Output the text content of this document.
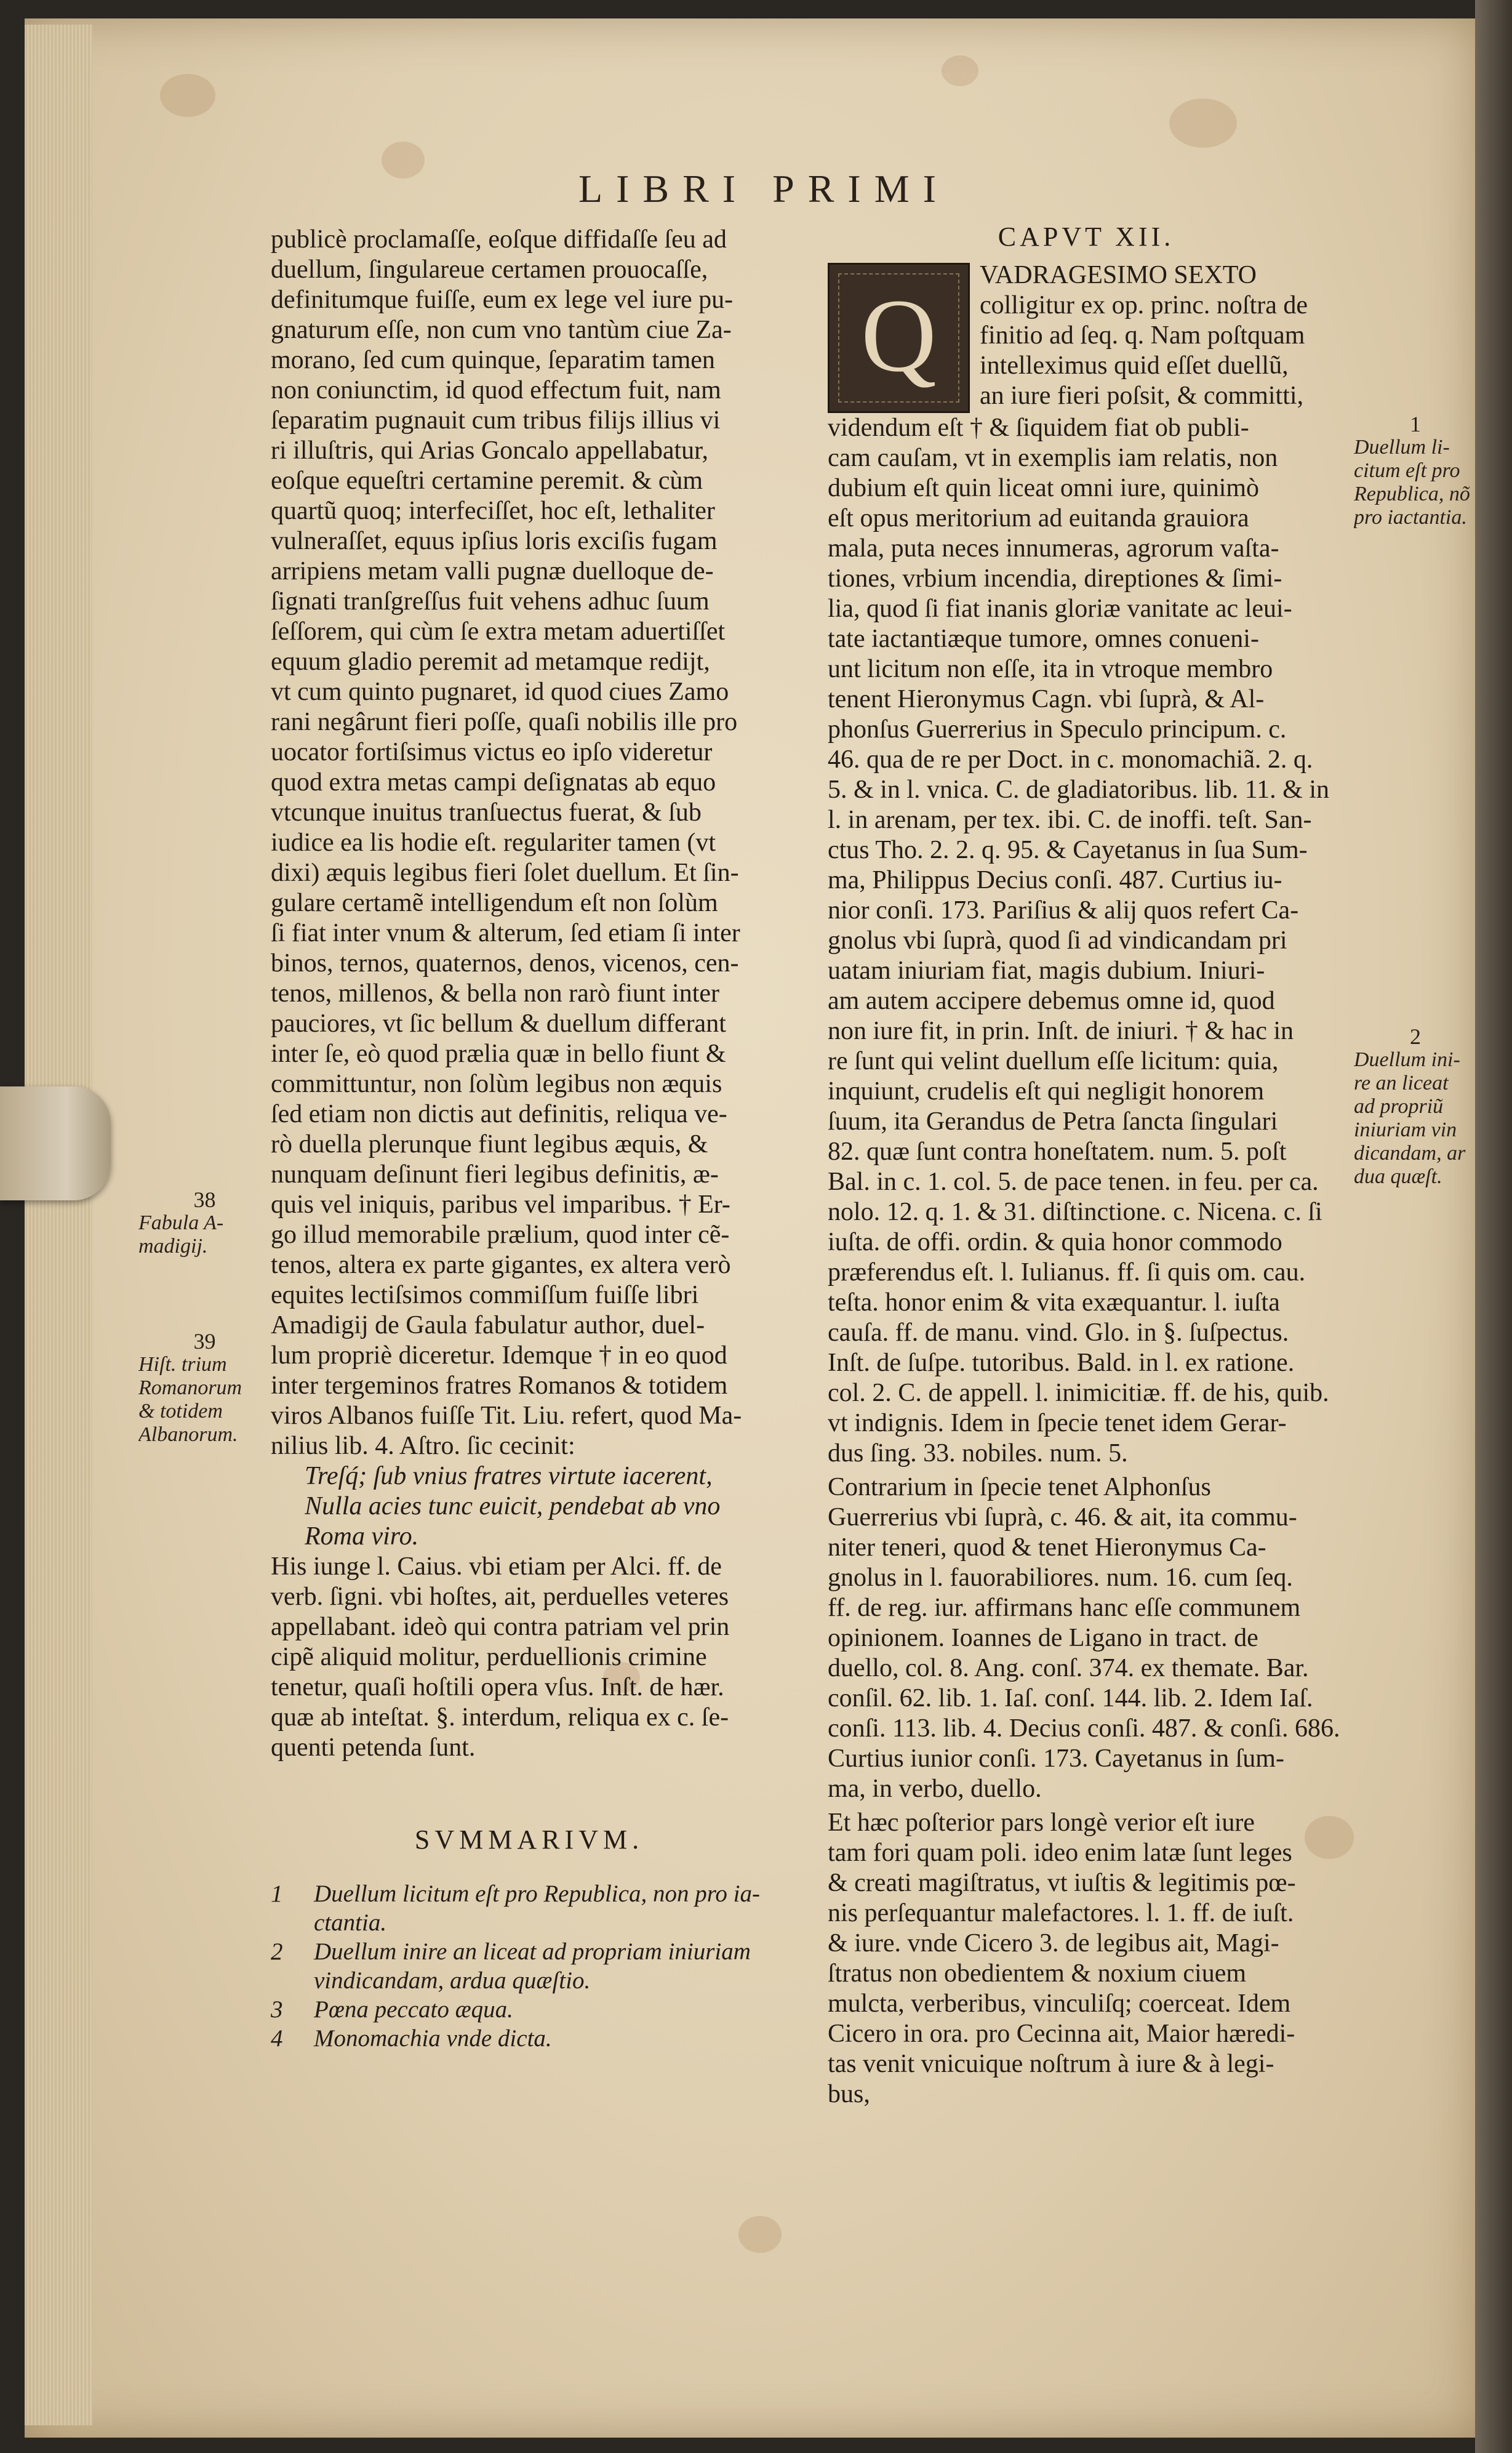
LIBRI PRIMI
publicè proclamaſſe, eoſque diffidaſſe ſeu ad
duellum, ſingulareue certamen prouocaſſe,
definitumque fuiſſe, eum ex lege vel iure pu-
gnaturum eſſe, non cum vno tantùm ciue Za-
morano, ſed cum quinque, ſeparatim tamen
non coniunctim, id quod effectum fuit, nam
ſeparatim pugnauit cum tribus filijs illius vi
ri illuſtris, qui Arias Goncalo appellabatur,
eoſque equeſtri certamine peremit. & cùm
quartũ quoq; interfeciſſet, hoc eſt, lethaliter
vulneraſſet, equus ipſius loris exciſis fugam
arripiens metam valli pugnæ duelloque de-
ſignati tranſgreſſus fuit vehens adhuc ſuum
ſeſſorem, qui cùm ſe extra metam aduertiſſet
equum gladio peremit ad metamque redijt,
vt cum quinto pugnaret, id quod ciues Zamo
rani negârunt fieri poſſe, quaſi nobilis ille pro
uocator fortiſsimus victus eo ipſo videretur
quod extra metas campi deſignatas ab equo
vtcunque inuitus tranſuectus fuerat, & ſub
iudice ea lis hodie eſt. regulariter tamen (vt
dixi) æquis legibus fieri ſolet duellum. Et ſin-
gulare certamẽ intelligendum eſt non ſolùm
ſi fiat inter vnum & alterum, ſed etiam ſi inter
binos, ternos, quaternos, denos, vicenos, cen-
tenos, millenos, & bella non rarò fiunt inter
pauciores, vt ſic bellum & duellum differant
inter ſe, eò quod prælia quæ in bello fiunt &
committuntur, non ſolùm legibus non æquis
ſed etiam non dictis aut definitis, reliqua ve-
rò duella plerunque fiunt legibus æquis, &
nunquam deſinunt fieri legibus definitis, æ-
quis vel iniquis, paribus vel imparibus. † Er-
go illud memorabile prælium, quod inter cẽ-
tenos, altera ex parte gigantes, ex altera verò
equites lectiſsimos commiſſum fuiſſe libri
Amadigij de Gaula fabulatur author, duel-
lum propriè diceretur. Idemque † in eo quod
inter tergeminos fratres Romanos & totidem
viros Albanos fuiſſe Tit. Liu. refert, quod Ma-
nilius lib. 4. Aſtro. ſic cecinit:
Treſq́; ſub vnius fratres virtute iacerent,
Nulla acies tunc euicit, pendebat ab vno
Roma viro.
His iunge l. Caius. vbi etiam per Alci. ff. de
verb. ſigni. vbi hoſtes, ait, perduelles veteres
appellabant. ideò qui contra patriam vel prin
cipẽ aliquid molitur, perduellionis crimine
tenetur, quaſi hoſtili opera vſus. Inſt. de hær.
quæ ab inteſtat. §. interdum, reliqua ex c. ſe-
quenti petenda ſunt.
SVMMARIVM.
1	Duellum licitum eſt pro Republica, non pro ia-
ctantia.
2	Duellum inire an liceat ad propriam iniuriam
vindicandam, ardua quæſtio.
3	Pœna peccato æqua.
4	Monomachia vnde dicta.
38
Fabula A-
madigij.
39
Hiſt. trium
Romanorum
& totidem
Albanorum.
CAPVT XII.
Q
VADRAGESIMO SEXTO
colligitur ex op. princ. noſtra de
finitio ad ſeq. q. Nam poſtquam
intelleximus quid eſſet duellũ,
an iure fieri poſsit, & committi,
videndum eſt † & ſiquidem fiat ob publi-
cam cauſam, vt in exemplis iam relatis, non
dubium eſt quin liceat omni iure, quinimò
eſt opus meritorium ad euitanda grauiora
mala, puta neces innumeras, agrorum vaſta-
tiones, vrbium incendia, direptiones & ſimi-
lia, quod ſi fiat inanis gloriæ vanitate ac leui-
tate iactantiæque tumore, omnes conueni-
unt licitum non eſſe, ita in vtroque membro
tenent Hieronymus Cagn. vbi ſuprà, & Al-
phonſus Guerrerius in Speculo principum. c.
46. qua de re per Doct. in c. monomachiã. 2. q.
5. & in l. vnica. C. de gladiatoribus. lib. 11. & in
l. in arenam, per tex. ibi. C. de inoffi. teſt. San-
ctus Tho. 2. 2. q. 95. & Cayetanus in ſua Sum-
ma, Philippus Decius conſi. 487. Curtius iu-
nior conſi. 173. Pariſius & alij quos refert Ca-
gnolus vbi ſuprà, quod ſi ad vindicandam pri
uatam iniuriam fiat, magis dubium. Iniuri-
am autem accipere debemus omne id, quod
non iure fit, in prin. Inſt. de iniuri. † & hac in
re ſunt qui velint duellum eſſe licitum: quia,
inquiunt, crudelis eſt qui negligit honorem
ſuum, ita Gerandus de Petra ſancta ſingulari
82. quæ ſunt contra honeſtatem. num. 5. poſt
Bal. in c. 1. col. 5. de pace tenen. in feu. per ca.
nolo. 12. q. 1. & 31. diſtinctione. c. Nicena. c. ſi
iuſta. de offi. ordin. & quia honor commodo
præferendus eſt. l. Iulianus. ff. ſi quis om. cau.
teſta. honor enim & vita exæquantur. l. iuſta
cauſa. ff. de manu. vind. Glo. in §. ſuſpectus.
Inſt. de ſuſpe. tutoribus. Bald. in l. ex ratione.
col. 2. C. de appell. l. inimicitiæ. ff. de his, quib.
vt indignis. Idem in ſpecie tenet idem Gerar-
dus ſing. 33. nobiles. num. 5.
Contrarium in ſpecie tenet Alphonſus
Guerrerius vbi ſuprà, c. 46. & ait, ita commu-
niter teneri, quod & tenet Hieronymus Ca-
gnolus in l. fauorabiliores. num. 16. cum ſeq.
ff. de reg. iur. affirmans hanc eſſe communem
opinionem. Ioannes de Ligano in tract. de
duello, col. 8. Ang. conſ. 374. ex themate. Bar.
conſil. 62. lib. 1. Iaſ. conſ. 144. lib. 2. Idem Iaſ.
conſi. 113. lib. 4. Decius conſi. 487. & conſi. 686.
Curtius iunior conſi. 173. Cayetanus in ſum-
ma, in verbo, duello.
Et hæc poſterior pars longè verior eſt iure
tam fori quam poli. ideo enim latæ ſunt leges
& creati magiſtratus, vt iuſtis & legitimis pœ-
nis perſequantur malefactores. l. 1. ff. de iuſt.
& iure. vnde Cicero 3. de legibus ait, Magi-
ſtratus non obedientem & noxium ciuem
mulcta, verberibus, vinculiſq; coerceat. Idem
Cicero in ora. pro Cecinna ait, Maior hæredi-
tas venit vnicuique noſtrum à iure & à legi-
bus,
1
Duellum li-
citum eſt pro
Republica, nõ
pro iactantia.
2
Duellum ini-
re an liceat
ad propriũ
iniuriam vin
dicandam, ar
dua quæſt.
